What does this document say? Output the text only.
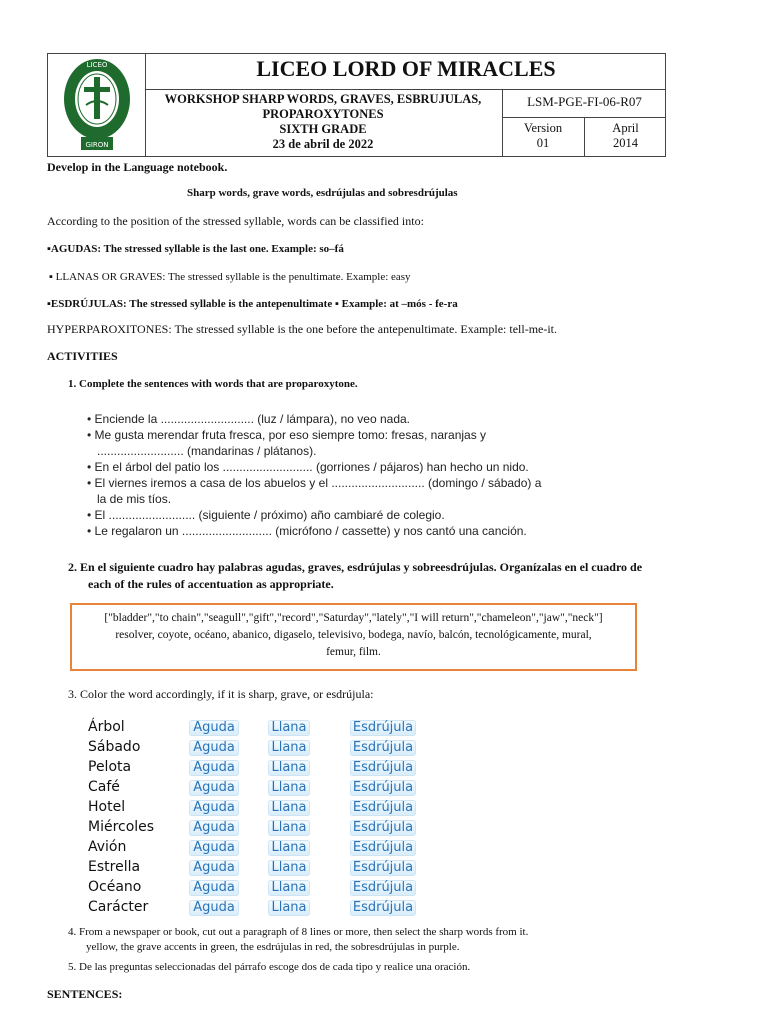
LICEO
GIRON
LICEO LORD OF MIRACLES
WORKSHOP SHARP WORDS, GRAVES, ESBRUJULAS,
PROPAROXYTONES
SIXTH GRADE
23 de abril de 2022
LSM-PGE-FI-06-R07
Version
01
April
2014
Develop in the Language notebook.
Sharp words, grave words, esdrújulas and sobresdrújulas
According to the position of the stressed syllable, words can be classified into:
▪AGUDAS: The stressed syllable is the last one. Example: so–fá
▪ LLANAS OR GRAVES: The stressed syllable is the penultimate. Example: easy
▪ESDRÚJULAS: The stressed syllable is the antepenultimate ▪ Example: at –mós - fe-ra
HYPERPAROXITONES: The stressed syllable is the one before the antepenultimate. Example: tell-me-it.
ACTIVITIES
1. Complete the sentences with words that are proparoxytone.
• Enciende la ............................ (luz / lámpara), no veo nada.
• Me gusta merendar fruta fresca, por eso siempre tomo: fresas, naranjas y
.......................... (mandarinas / plátanos).
• En el árbol del patio los ........................... (gorriones / pájaros) han hecho un nido.
• El viernes iremos a casa de los abuelos y el ............................ (domingo / sábado) a
la de mis tíos.
• El .......................... (siguiente / próximo) año cambiaré de colegio.
• Le regalaron un ........................... (micrófono / cassette) y nos cantó una canción.
2. En el siguiente cuadro hay palabras agudas, graves, esdrújulas y sobreesdrújulas. Organízalas en el cuadro de
each of the rules of accentuation as appropriate.
["bladder","to chain","seagull","gift","record","Saturday","lately","I will return","chameleon","jaw","neck"]
resolver, coyote, océano, abanico, digaselo, televisivo, bodega, navío, balcón, tecnológicamente, mural,
femur, film.
3. Color the word accordingly, if it is sharp, grave, or esdrújula:
Árbol	Aguda	Llana	Esdrújula
Sábado	Aguda	Llana	Esdrújula
Pelota	Aguda	Llana	Esdrújula
Café	Aguda	Llana	Esdrújula
Hotel	Aguda	Llana	Esdrújula
Miércoles	Aguda	Llana	Esdrújula
Avión	Aguda	Llana	Esdrújula
Estrella	Aguda	Llana	Esdrújula
Océano	Aguda	Llana	Esdrújula
Carácter	Aguda	Llana	Esdrújula
4. From a newspaper or book, cut out a paragraph of 8 lines or more, then select the sharp words from it.
yellow, the grave accents in green, the esdrújulas in red, the sobresdrújulas in purple.
5. De las preguntas seleccionadas del párrafo escoge dos de cada tipo y realice una oración.
SENTENCES:
